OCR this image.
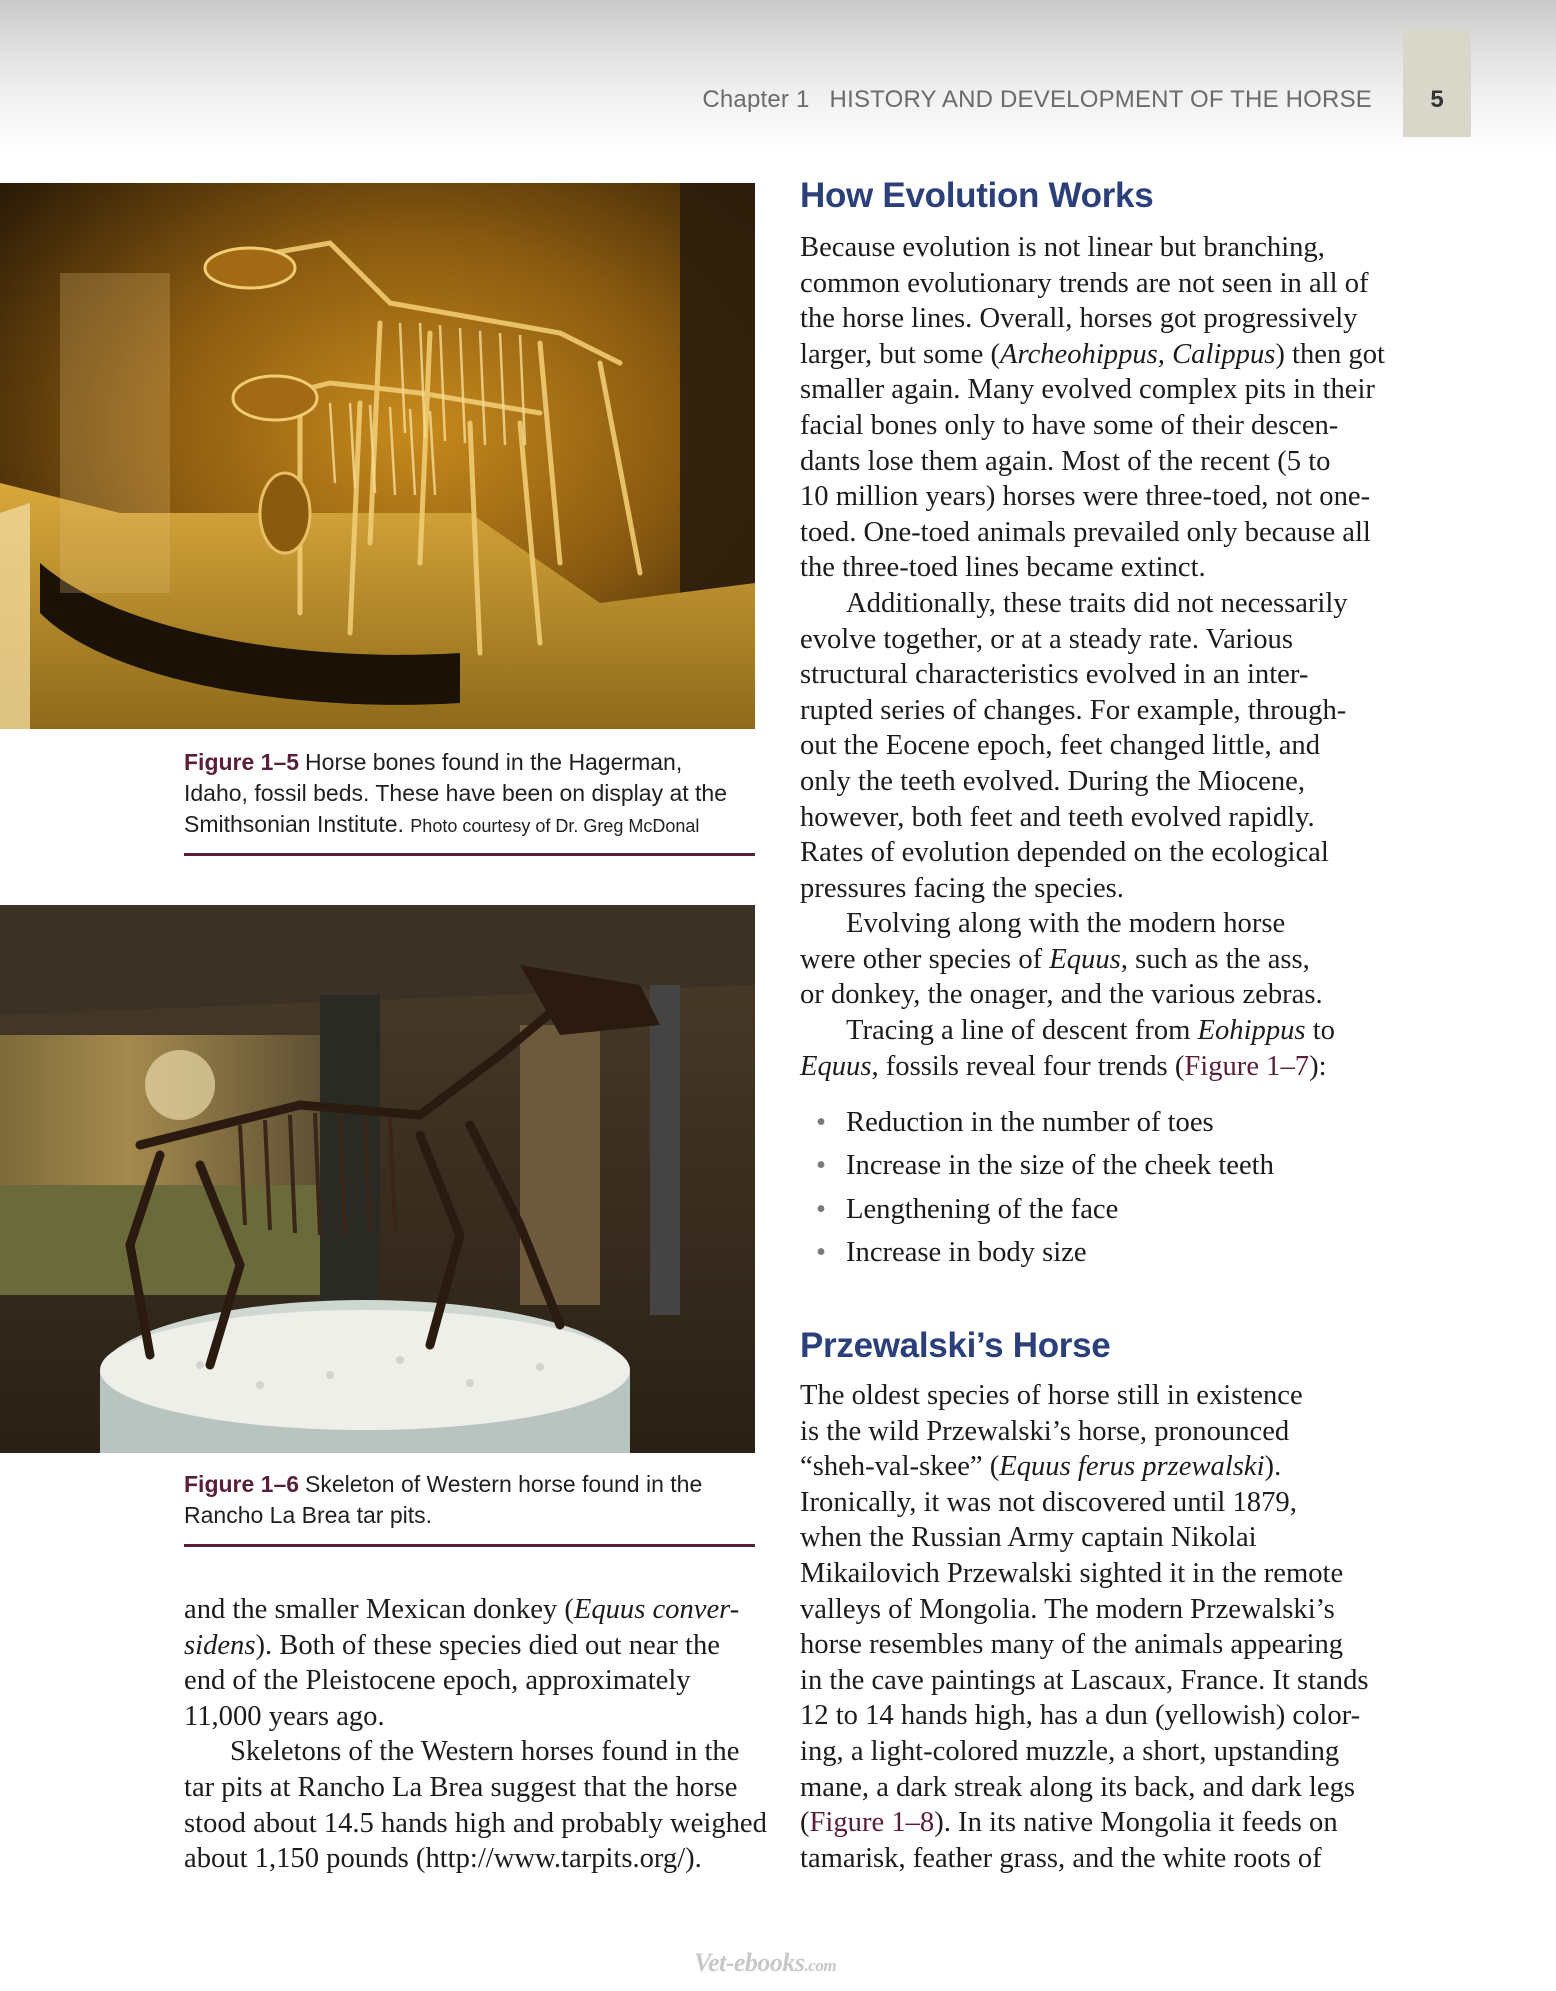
Chapter 1 HISTORY AND DEVELOPMENT OF THE HORSE	5
Figure 1–5 Horse bones found in the Hagerman,
Idaho, fossil beds. These have been on display at the
Smithsonian Institute. Photo courtesy of Dr. Greg McDonal
Figure 1–6 Skeleton of Western horse found in the
Rancho La Brea tar pits.
and the smaller Mexican donkey (Equus conver-
sidens). Both of these species died out near the
end of the Pleistocene epoch, approximately
11,000 years ago.
Skeletons of the Western horses found in the
tar pits at Rancho La Brea suggest that the horse
stood about 14.5 hands high and probably weighed
about 1,150 pounds (http://www.tarpits.org/).
How Evolution Works
Because evolution is not linear but branching,
common evolutionary trends are not seen in all of
the horse lines. Overall, horses got progressively
larger, but some (Archeohippus, Calippus) then got
smaller again. Many evolved complex pits in their
facial bones only to have some of their descen-
dants lose them again. Most of the recent (5 to
10 million years) horses were three-toed, not one-
toed. One-toed animals prevailed only because all
the three-toed lines became extinct.
Additionally, these traits did not necessarily
evolve together, or at a steady rate. Various
structural characteristics evolved in an inter-
rupted series of changes. For example, through-
out the Eocene epoch, feet changed little, and
only the teeth evolved. During the Miocene,
however, both feet and teeth evolved rapidly.
Rates of evolution depended on the ecological
pressures facing the species.
Evolving along with the modern horse
were other species of Equus, such as the ass,
or donkey, the onager, and the various zebras.
Tracing a line of descent from Eohippus to
Equus, fossils reveal four trends (Figure 1–7):
• Reduction in the number of toes
• Increase in the size of the cheek teeth
• Lengthening of the face
• Increase in body size
Przewalski’s Horse
The oldest species of horse still in existence
is the wild Przewalski’s horse, pronounced
“sheh-val-skee” (Equus ferus przewalski).
Ironically, it was not discovered until 1879,
when the Russian Army captain Nikolai
Mikailovich Przewalski sighted it in the remote
valleys of Mongolia. The modern Przewalski’s
horse resembles many of the animals appearing
in the cave paintings at Lascaux, France. It stands
12 to 14 hands high, has a dun (yellowish) color-
ing, a light-colored muzzle, a short, upstanding
mane, a dark streak along its back, and dark legs
(Figure 1–8). In its native Mongolia it feeds on
tamarisk, feather grass, and the white roots of
Vet-ebooks.com
